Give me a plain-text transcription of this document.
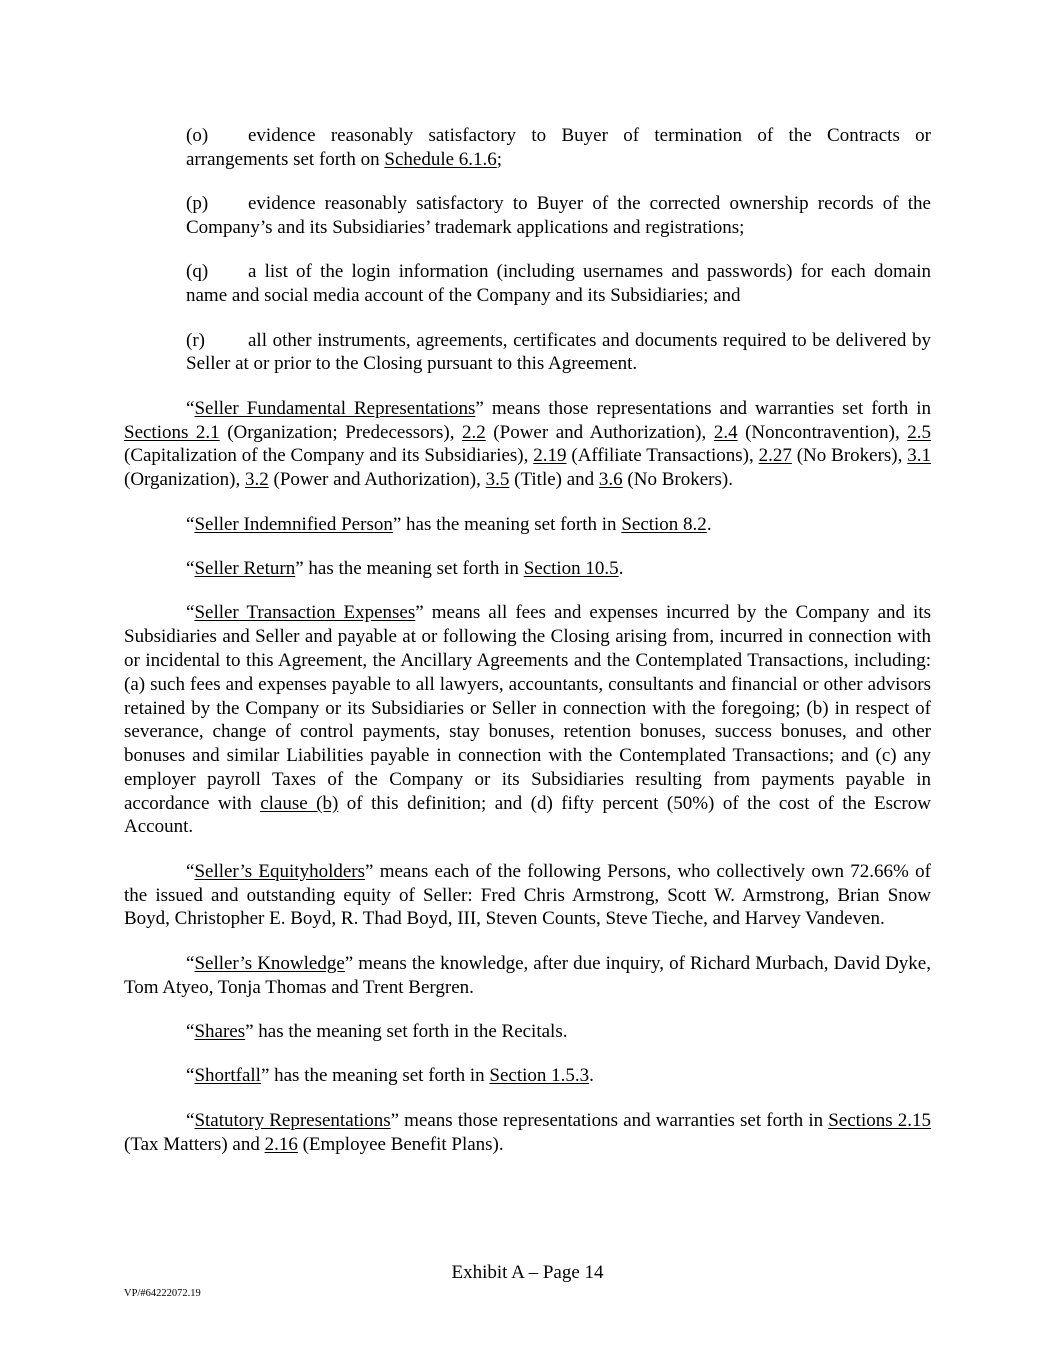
(o) evidence reasonably satisfactory to Buyer of termination of the Contracts or arrangements set forth on Schedule 6.1.6;

(p) evidence reasonably satisfactory to Buyer of the corrected ownership records of the Company’s and its Subsidiaries’ trademark applications and registrations;

(q) a list of the login information (including usernames and passwords) for each domain name and social media account of the Company and its Subsidiaries; and

(r) all other instruments, agreements, certificates and documents required to be delivered by Seller at or prior to the Closing pursuant to this Agreement.

“Seller Fundamental Representations” means those representations and warranties set forth in Sections 2.1 (Organization; Predecessors), 2.2 (Power and Authorization), 2.4 (Noncontravention), 2.5 (Capitalization of the Company and its Subsidiaries), 2.19 (Affiliate Transactions), 2.27 (No Brokers), 3.1 (Organization), 3.2 (Power and Authorization), 3.5 (Title) and 3.6 (No Brokers).

“Seller Indemnified Person” has the meaning set forth in Section 8.2.

“Seller Return” has the meaning set forth in Section 10.5.

“Seller Transaction Expenses” means all fees and expenses incurred by the Company and its Subsidiaries and Seller and payable at or following the Closing arising from, incurred in connection with or incidental to this Agreement, the Ancillary Agreements and the Contemplated Transactions, including: (a) such fees and expenses payable to all lawyers, accountants, consultants and financial or other advisors retained by the Company or its Subsidiaries or Seller in connection with the foregoing; (b) in respect of severance, change of control payments, stay bonuses, retention bonuses, success bonuses, and other bonuses and similar Liabilities payable in connection with the Contemplated Transactions; and (c) any employer payroll Taxes of the Company or its Subsidiaries resulting from payments payable in accordance with clause (b) of this definition; and (d) fifty percent (50%) of the cost of the Escrow Account.

“Seller’s Equityholders” means each of the following Persons, who collectively own 72.66% of the issued and outstanding equity of Seller: Fred Chris Armstrong, Scott W. Armstrong, Brian Snow Boyd, Christopher E. Boyd, R. Thad Boyd, III, Steven Counts, Steve Tieche, and Harvey Vandeven.

“Seller’s Knowledge” means the knowledge, after due inquiry, of Richard Murbach, David Dyke, Tom Atyeo, Tonja Thomas and Trent Bergren.

“Shares” has the meaning set forth in the Recitals.

“Shortfall” has the meaning set forth in Section 1.5.3.

“Statutory Representations” means those representations and warranties set forth in Sections 2.15 (Tax Matters) and 2.16 (Employee Benefit Plans).

Exhibit A – Page 14
VP/#64222072.19
